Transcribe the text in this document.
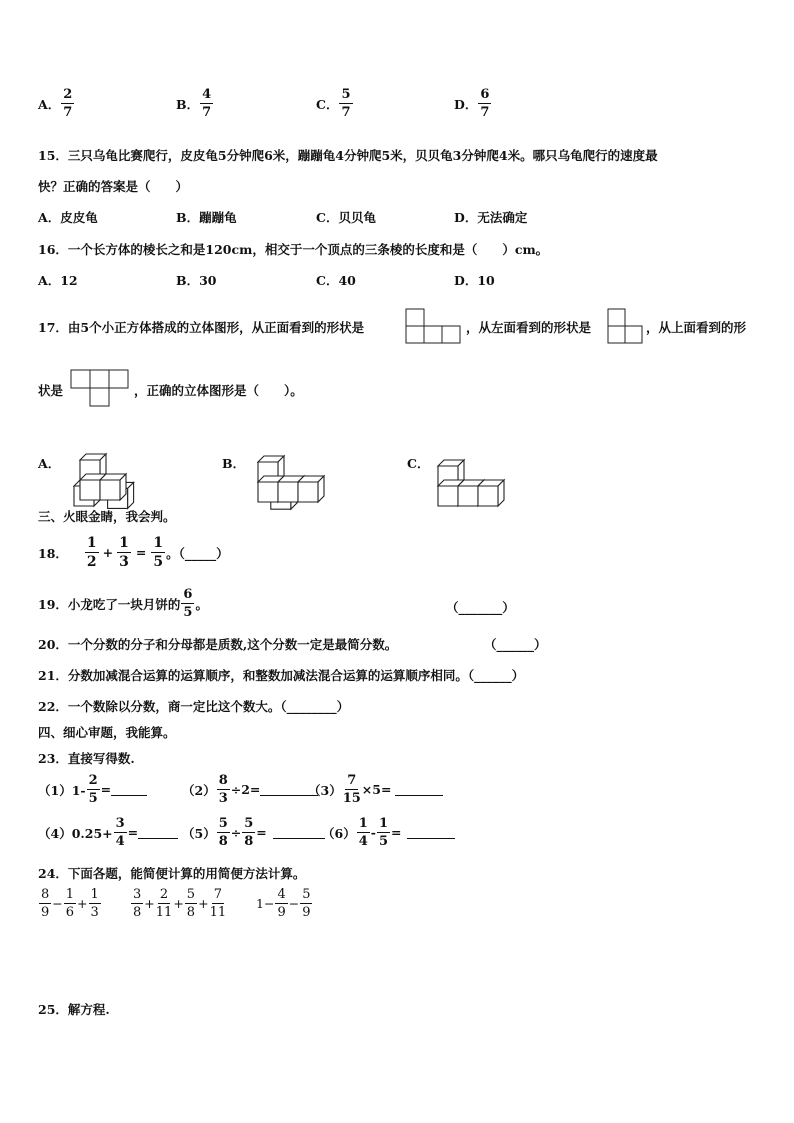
A． $\frac{2}{7}$	B． $\frac{4}{7}$	C． $\frac{5}{7}$	D． $\frac{6}{7}$
15．三只乌龟比赛爬行，皮皮龟5分钟爬6米，蹦蹦龟4分钟爬5米，贝贝龟3分钟爬4米。哪只乌龟爬行的速度最
快？正确的答案是（　　）
A．皮皮龟	B．蹦蹦龟	C．贝贝龟	D．无法确定
16．一个长方体的棱长之和是120cm，相交于一个顶点的三条棱的长度和是（　　）cm。
A．12	B．30	C．40	D．10
17．由5个小正方体搭成的立体图形，从正面看到的形状是	，从左面看到的形状是	，从上面看到的形
状是	，正确的立体图形是（　　）。
A．	B．	C．
三、火眼金睛，我会判。
18． $\frac{1}{2} + \frac{1}{3} = \frac{1}{5}$ 。（_____）
19．小龙吃了一块月饼的 $\frac{6}{5}$ 。	（_______）
20．一个分数的分子和分母都是质数,这个分数一定是最简分数。	（______）
21．分数加减混合运算的运算顺序，和整数加减法混合运算的运算顺序相同。（______）
22．一个数除以分数，商一定比这个数大。（________）
四、细心审题，我能算。
23．直接写得数.
$(1)1- \frac{2}{5}$ =	$(2) \frac{8}{3} \div 2=$	$(3) \frac{7}{15} \times 5=$
$(4)0.25+ \frac{3}{4}$ =	$(5) \frac{5}{8} \div \frac{5}{8}$ =	$(6) \frac{1}{4} - \frac{1}{5}$ =
24．下面各题，能简便计算的用简便方法计算。
$\frac{8}{9} - \frac{1}{6} + \frac{1}{3} \frac{3}{8} + \frac{2}{11} + \frac{5}{8} + \frac{7}{11} 1- \frac{4}{9} - \frac{5}{9}$
25．解方程.
